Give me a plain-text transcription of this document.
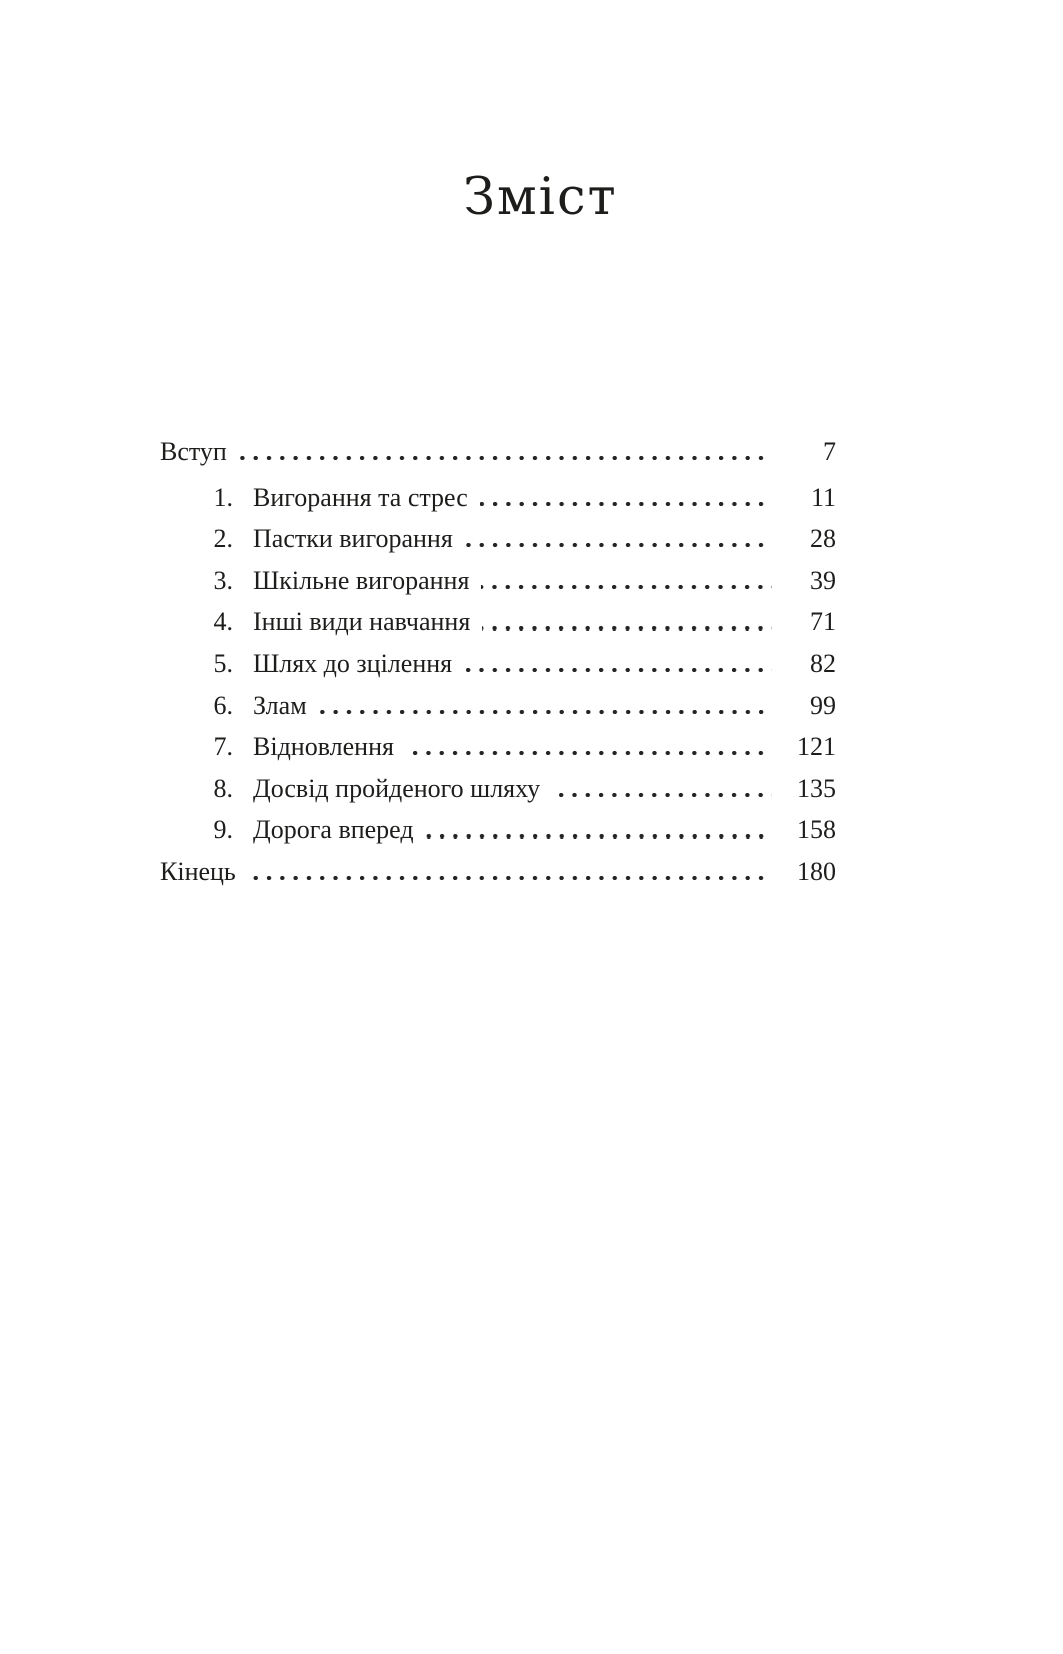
Зміст
Вступ	7
1. Вигорання та стрес	11
2. Пастки вигорання	28
3. Шкільне вигорання	39
4. Інші види навчання	71
5. Шлях до зцілення	82
6. Злам	99
7. Відновлення	121
8. Досвід пройденого шляху	135
9. Дорога вперед	158
Кінець	180
